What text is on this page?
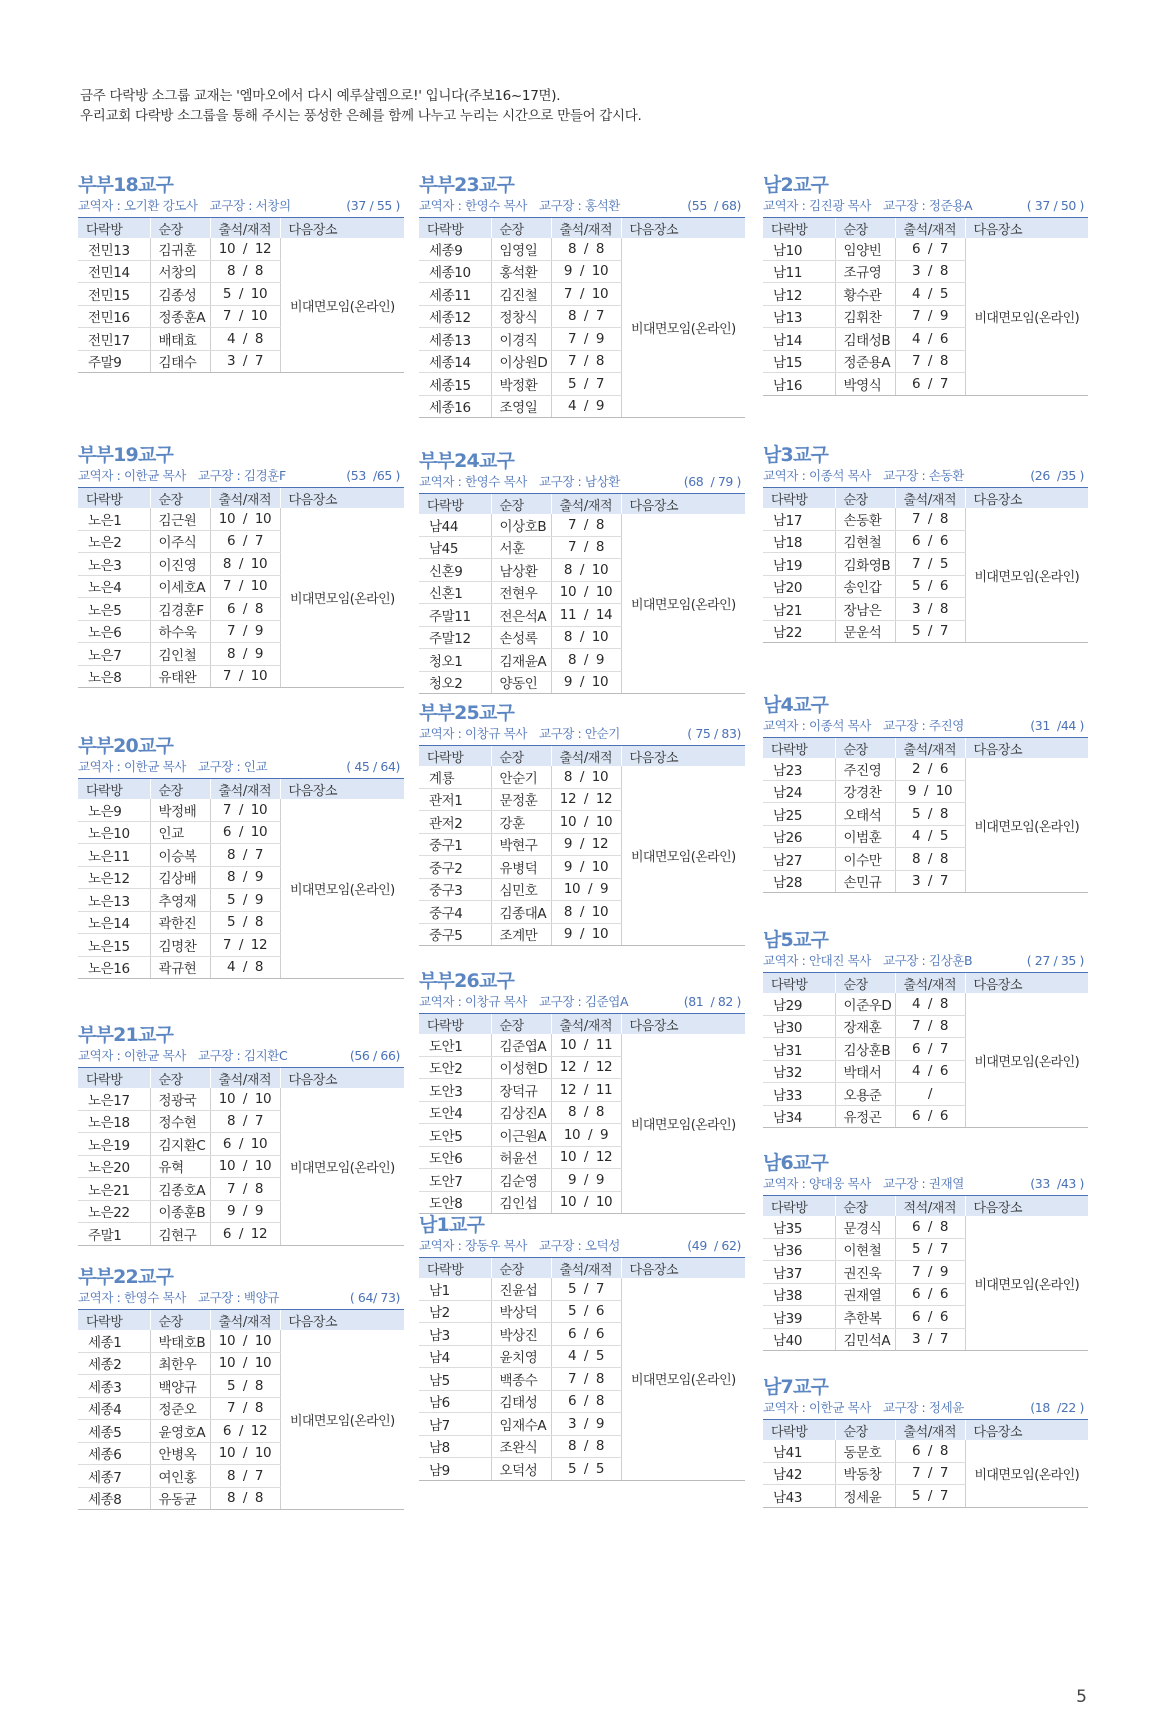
금주 다락방 소그룹 교재는 '엠마오에서 다시 예루살렘으로!' 입니다(주보16~17면).

우리교회 다락방 소그룹을 통해 주시는 풍성한 은혜를 함께 나누고 누리는 시간으로 만들어 갑시다.

부부18교구
교역자 : 오기환 강도사 교구장 : 서창의	(37 / 55 )
다락방	순장	출석/재적	다음장소
전민13	김귀훈	10  /  12	비대면모임(온라인)
전민14	서창의	8  /  8	
전민15	김종성	5  /  10	
전민16	정종훈A	7  /  10	
전민17	배태효	4  /  8	
주말9	김태수	3  /  7	
부부19교구
교역자 : 이한균 목사 교구장 : 김경훈F	(53  /65 )
다락방	순장	출석/재적	다음장소
노은1	김근원	10  /  10	비대면모임(온라인)
노은2	이주식	6  /  7	
노은3	이진영	8  /  10	
노은4	이세호A	7  /  10	
노은5	김경훈F	6  /  8	
노은6	하수욱	7  /  9	
노은7	김인철	8  /  9	
노은8	유태완	7  /  10	
부부20교구
교역자 : 이한균 목사 교구장 : 인교	( 45 / 64)
다락방	순장	출석/재적	다음장소
노은9	박정배	7  /  10	비대면모임(온라인)
노은10	인교	6  /  10	
노은11	이승복	8  /  7	
노은12	김상배	8  /  9	
노은13	추영재	5  /  9	
노은14	곽한진	5  /  8	
노은15	김명찬	7  /  12	
노은16	곽규현	4  /  8	
부부21교구
교역자 : 이한균 목사 교구장 : 김지환C	(56 / 66)
다락방	순장	출석/재적	다음장소
노은17	정광국	10  /  10	비대면모임(온라인)
노은18	정수현	8  /  7	
노은19	김지환C	6  /  10	
노은20	유혁	10  /  10	
노은21	김종호A	7  /  8	
노은22	이종훈B	9  /  9	
주말1	김현구	6  /  12	
부부22교구
교역자 : 한영수 목사 교구장 : 백양규	( 64/ 73)
다락방	순장	출석/재적	다음장소
세종1	박태호B	10  /  10	비대면모임(온라인)
세종2	최한우	10  /  10	
세종3	백양규	5  /  8	
세종4	정준오	7  /  8	
세종5	윤영호A	6  /  12	
세종6	안병옥	10  /  10	
세종7	여인홍	8  /  7	
세종8	유동균	8  /  8	
부부23교구
교역자 : 한영수 목사 교구장 : 홍석환	(55  / 68)
다락방	순장	출석/재적	다음장소
세종9	임영일	8  /  8	비대면모임(온라인)
세종10	홍석환	9  /  10	
세종11	김진철	7  /  10	
세종12	정창식	8  /  7	
세종13	이경직	7  /  9	
세종14	이상원D	7  /  8	
세종15	박정환	5  /  7	
세종16	조영일	4  /  9	
부부24교구
교역자 : 한영수 목사 교구장 : 남상환	(68  / 79 )
다락방	순장	출석/재적	다음장소
남44	이상호B	7  /  8	비대면모임(온라인)
남45	서훈	7  /  8	
신혼9	남상환	8  /  10	
신혼1	전현우	10  /  10	
주말11	전은석A	11  /  14	
주말12	손성록	8  /  10	
청오1	김재윤A	8  /  9	
청오2	양동인	9  /  10	
부부25교구
교역자 : 이창규 목사 교구장 : 안순기	( 75 / 83)
다락방	순장	출석/재적	다음장소
계룡	안순기	8  /  10	비대면모임(온라인)
관저1	문정훈	12  /  12	
관저2	강훈	10  /  10	
중구1	박현구	9  /  12	
중구2	유병덕	9  /  10	
중구3	심민호	10  /  9	
중구4	김종대A	8  /  10	
중구5	조계만	9  /  10	
부부26교구
교역자 : 이창규 목사 교구장 : 김준엽A	(81  / 82 )
다락방	순장	출석/재적	다음장소
도안1	김준엽A	10  /  11	비대면모임(온라인)
도안2	이성현D	12  /  12	
도안3	장덕규	12  /  11	
도안4	김상진A	8  /  8	
도안5	이근원A	10  /  9	
도안6	허윤선	10  /  12	
도안7	김순영	9  /  9	
도안8	김인섭	10  /  10	
남1교구
교역자 : 장동우 목사 교구장 : 오덕성	(49  / 62)
다락방	순장	출석/재적	다음장소
남1	진윤섭	5  /  7	비대면모임(온라인)
남2	박상덕	5  /  6	
남3	박상진	6  /  6	
남4	윤치영	4  /  5	
남5	백종수	7  /  8	
남6	김태성	6  /  8	
남7	임재수A	3  /  9	
남8	조완식	8  /  8	
남9	오덕성	5  /  5	
남2교구
교역자 : 김진광 목사 교구장 : 정준용A	( 37 / 50 )
다락방	순장	출석/재적	다음장소
남10	임양빈	6  /  7	비대면모임(온라인)
남11	조규영	3  /  8	
남12	황수관	4  /  5	
남13	김휘찬	7  /  9	
남14	김태성B	4  /  6	
남15	정준용A	7  /  8	
남16	박영식	6  /  7	
남3교구
교역자 : 이종석 목사 교구장 : 손동환	(26  /35 )
다락방	순장	출석/재적	다음장소
남17	손동환	7  /  8	비대면모임(온라인)
남18	김현철	6  /  6	
남19	김화영B	7  /  5	
남20	송인갑	5  /  6	
남21	장남은	3  /  8	
남22	문운석	5  /  7	
남4교구
교역자 : 이종석 목사 교구장 : 주진영	(31  /44 )
다락방	순장	출석/재적	다음장소
남23	주진영	2  /  6	비대면모임(온라인)
남24	강경찬	9  /  10	
남25	오태석	5  /  8	
남26	이범훈	4  /  5	
남27	이수만	8  /  8	
남28	손민규	3  /  7	
남5교구
교역자 : 안대진 목사 교구장 : 김상훈B	( 27 / 35 )
다락방	순장	출석/재적	다음장소
남29	이준우D	4  /  8	비대면모임(온라인)
남30	장재훈	7  /  8	
남31	김상훈B	6  /  7	
남32	박태서	4  /  6	
남33	오용준	/	
남34	유정곤	6  /  6	
남6교구
교역자 : 양대웅 목사 교구장 : 권재열	(33  /43 )
다락방	순장	적석/재적	다음장소
남35	문경식	6  /  8	비대면모임(온라인)
남36	이현철	5  /  7	
남37	권진욱	7  /  9	
남38	권재열	6  /  6	
남39	추한복	6  /  6	
남40	김민석A	3  /  7	
남7교구
교역자 : 이한균 목사 교구장 : 정세윤	(18  /22 )
다락방	순장	출석/재적	다음장소
남41	동문호	6  /  8	비대면모임(온라인)
남42	박동창	7  /  7	
남43	정세윤	5  /  7	
5
